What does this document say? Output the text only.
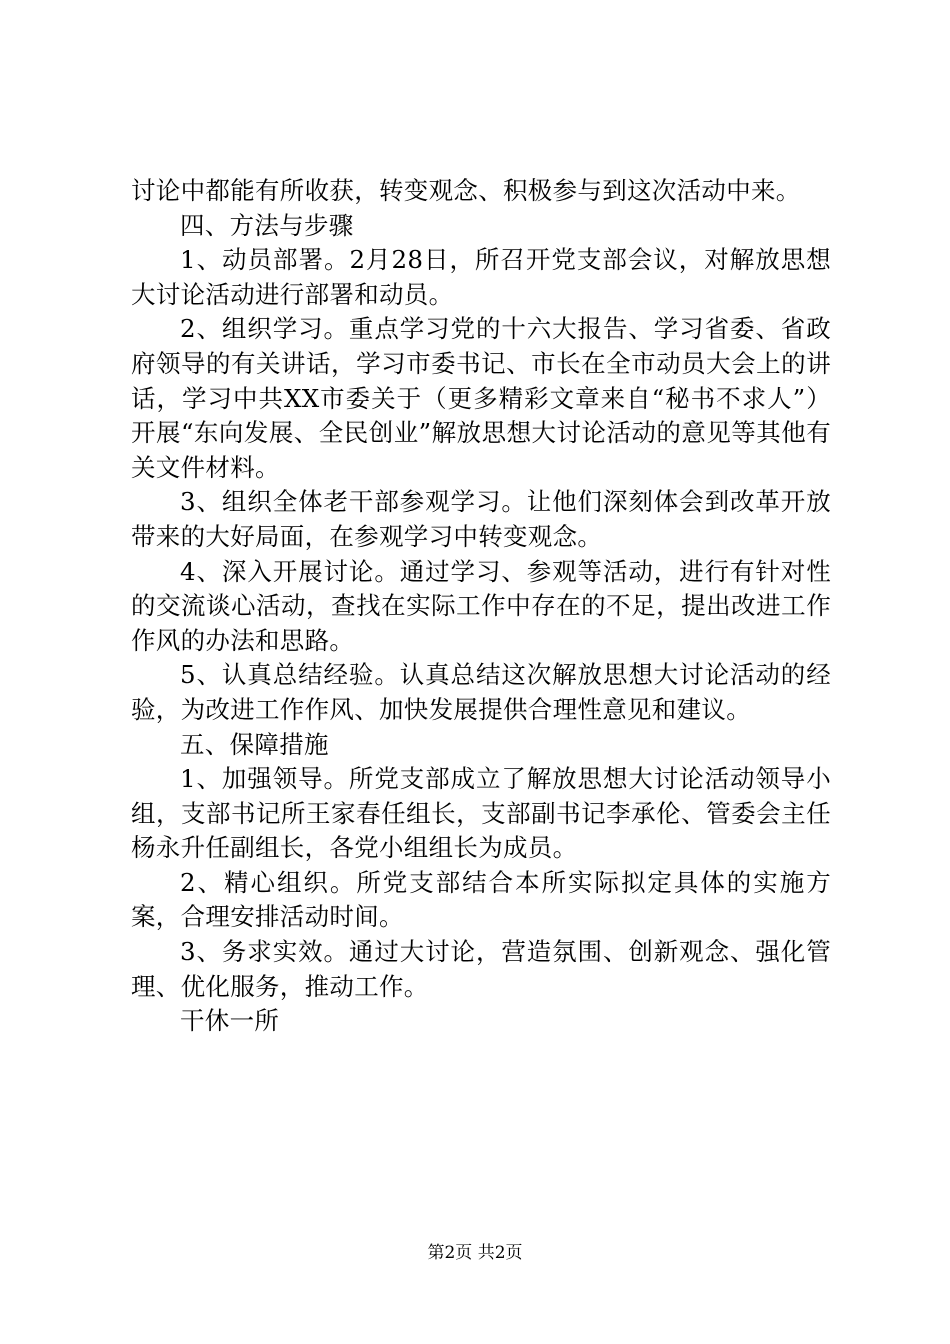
讨论中都能有所收获，转变观念、积极参与到这次活动中来。

四、方法与步骤

1、动员部署。2月28日，所召开党支部会议，对解放思想大讨论活动进行部署和动员。

2、组织学习。重点学习党的十六大报告、学习省委、省政府领导的有关讲话，学习市委书记、市长在全市动员大会上的讲话，学习中共XX市委关于（更多精彩文章来自“秘书不求人”）开展“东向发展、全民创业”解放思想大讨论活动的意见等其他有关文件材料。

3、组织全体老干部参观学习。让他们深刻体会到改革开放带来的大好局面，在参观学习中转变观念。

4、深入开展讨论。通过学习、参观等活动，进行有针对性的交流谈心活动，查找在实际工作中存在的不足，提出改进工作作风的办法和思路。

5、认真总结经验。认真总结这次解放思想大讨论活动的经验，为改进工作作风、加快发展提供合理性意见和建议。

五、保障措施

1、加强领导。所党支部成立了解放思想大讨论活动领导小组，支部书记所王家春任组长，支部副书记李承伦、管委会主任杨永升任副组长，各党小组组长为成员。

2、精心组织。所党支部结合本所实际拟定具体的实施方案，合理安排活动时间。

3、务求实效。通过大讨论，营造氛围、创新观念、强化管理、优化服务，推动工作。

干休一所

第2页 共2页
